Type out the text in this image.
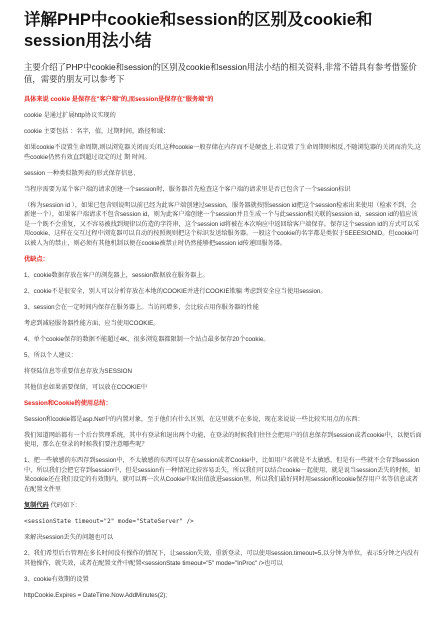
详解PHP中cookie和session的区别及cookie和session用法小结
主要介绍了PHP中cookie和session的区别及cookie和session用法小结的相关资料,非常不错具有参考借鉴价值，需要的朋友可以参考下
具体来说 cookie 是保存在"客户端"的,而session是保存在"服务端"的
cookie 是通过扩展http协议实现的
cookie 主要包括 ：名字，值，过期时间，路径和域；
如果cookie不设置生命周期,则以浏览器关闭而关闭,这种cookie一般存储在内存而不是硬盘上.若设置了生命周期则相反,不随浏览器的关闭而消失,这些cookie仍然有效直到超过设定的过 期 时间。
session 一种类似散列表的形式保存信息,
当程序需要为某个客户端的请求创建一个session时，服务器首先检查这个客户端的请求里是否已包含了一个session标识
（称为session id ），如果已包含则说明以前已经为此客户端创建过session，服务器就按照session id把这个session检索出来使用（检索不到，会新建一个），如果客户端请求不包含session id，则为此客户端创建一个session并且生成一个与此session相关联的session id，session id的值应该是一个既不会重复，又不容易被找到规律以仿造的字符串，这个session id将被在本次响应中返回给客户端保存。保存这个session id的方式可以采用cookie，这样在交互过程中浏览器可以自动的按照规则把这个标识发送给服务器。一般这个cookie的名字都是类似于SEEESIONID。但cookie可以被人为的禁止，则必须有其他机制以便在cookie被禁止时仍然能够把session id传递回服务器。
优缺点：
1、cookie数据存放在客户的浏览器上，session数据放在服务器上。
2、cookie不是很安全，别人可以分析存放在本地的COOKIE并进行COOKIE欺骗 考虑到安全应当使用session。
3、session会在一定时间内保存在服务器上。当访问增多，会比较占用你服务器的性能
考虑到减轻服务器性能方面，应当使用COOKIE。
4、单个cookie保存的数据不能超过4K，很多浏览器都限制一个站点最多保存20个cookie。
5、所以个人建议：
将登陆信息等重要信息存放为SESSION
其他信息如果需要保留，可以放在COOKIE中
Session和Cookie的使用总结：
Session和cookie都是asp.Net中的内置对象，至于他们有什么区别，在这里就不在多说，现在来说说一些比较实用点的东西：
我们知道网站都有一个后台管理系统，其中有登录和退出两个功能，在登录的时候我们往往会把用户的信息保存到session或者cookie中，以便后面使用，那么在登录的时候我们要注意哪些呢？
1、把一些敏感的东西存到session中，不太敏感的东西可以存在session或者Cookie中，比如用户名就是不太敏感，但是有一些就不会存到session中，所以我们会把它存到session中，但是session有一种情况比较容易丢失，所以我们可以结合cookie一起使用，就是说当session丢失的时候，如果cookie还在我们设定的有效期内，就可以再一次从Cookie中取出值放进session里，所以我们最好同时用session和cookie保存用户名等信息或者在配置文件里
复制代码 代码如下:
<sessionState timeout="2" mode="StateServer" />
来解决session丢失的问题也可以
2、我们希望后台管理在多长时间没有操作的情况下，让session失效，重新登录，可以使用session.timeout=5,以分钟为单位，表示5分钟之内没有其他操作，就失效，或者在配置文件中配置<sessionState timeout="5" mode="InProc" />也可以
3、cookie有效期的设置
httpCookie.Expires = DateTime.Now.AddMinutes(2);
